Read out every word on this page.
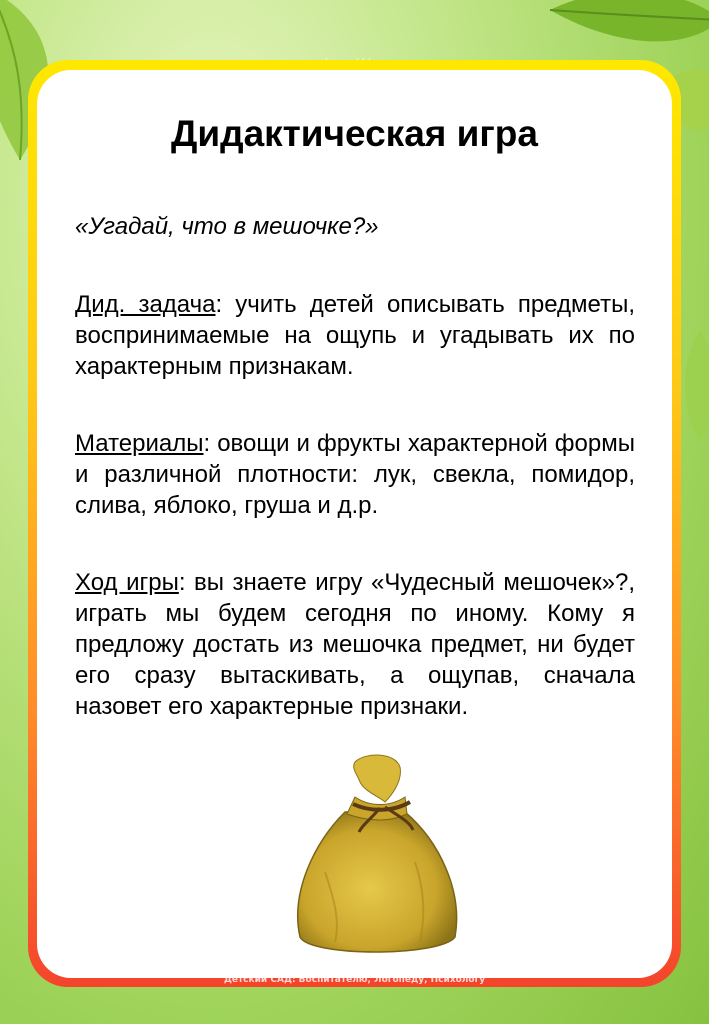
Дидактическая игра

«Угадай, что в мешочке?»

Дид. задача: учить детей описывать предметы, воспринимаемые на ощупь и угадывать их по характерным признакам.

Материалы: овощи и фрукты характерной формы и различной плотности: лук, свекла, помидор, слива, яблоко, груша и д.р.

Ход игры: вы знаете игру «Чудесный мешочек»?, играть мы будем сегодня по иному. Кому я предложу достать из мешочка предмет, ни будет его сразу вытаскивать, а ощупав, сначала назовет его характерные признаки.

Детский САД: Воспитателю, Логопеду, Психологу
